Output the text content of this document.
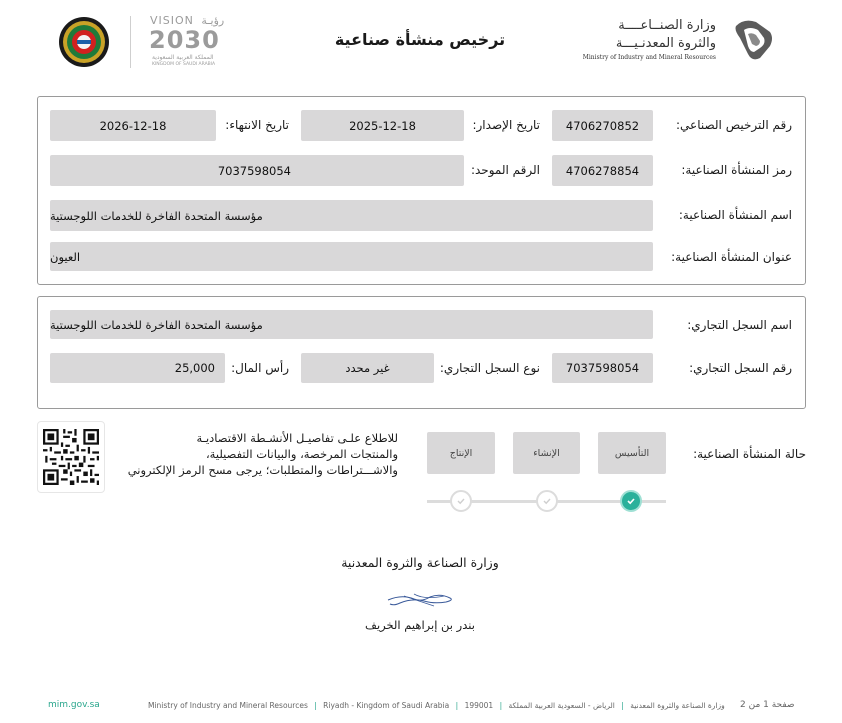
وزارة الصنــاعــــة
والثروة المعدنـيـــة
Ministry of Industry and Mineral Resources
ترخيص منشأة صناعية
VISION رؤيـة
2030
المملكة العربية السعودية
KINGDOM OF SAUDI ARABIA
رقم الترخيص الصناعي:
4706270852
تاريخ الإصدار:
2025-12-18
تاريخ الانتهاء:
2026-12-18
رمز المنشأة الصناعية:
4706278854
الرقم الموحد:
7037598054
اسم المنشأة الصناعية:
مؤسسة المتحدة الفاخرة للخدمات اللوجستية
عنوان المنشأة الصناعية:
العيون
اسم السجل التجاري:
مؤسسة المتحدة الفاخرة للخدمات اللوجستية
رقم السجل التجاري:
7037598054
نوع السجل التجاري:
غير محدد
رأس المال:
25,000
حالة المنشأة الصناعية:
التأسيس
الإنشاء
الإنتاج
للاطلاع علـى تفاصيـل الأنشـطة الاقتصاديـة
والمنتجات المرخصة، والبيانات التفصيلية،
والاشـــتراطات والمتطلبات؛ يرجى مسح الرمز الإلكتروني
وزارة الصناعة والثروة المعدنية
بندر بن إبراهيم الخريف
mim.gov.sa	Ministry of Industry and Mineral Resources | Riyadh - Kingdom of Saudi Arabia | 199001 |	وزارة الصناعة والثروة المعدنية | الرياض - السعودية العربية المملكة	صفحة 1 من 2
